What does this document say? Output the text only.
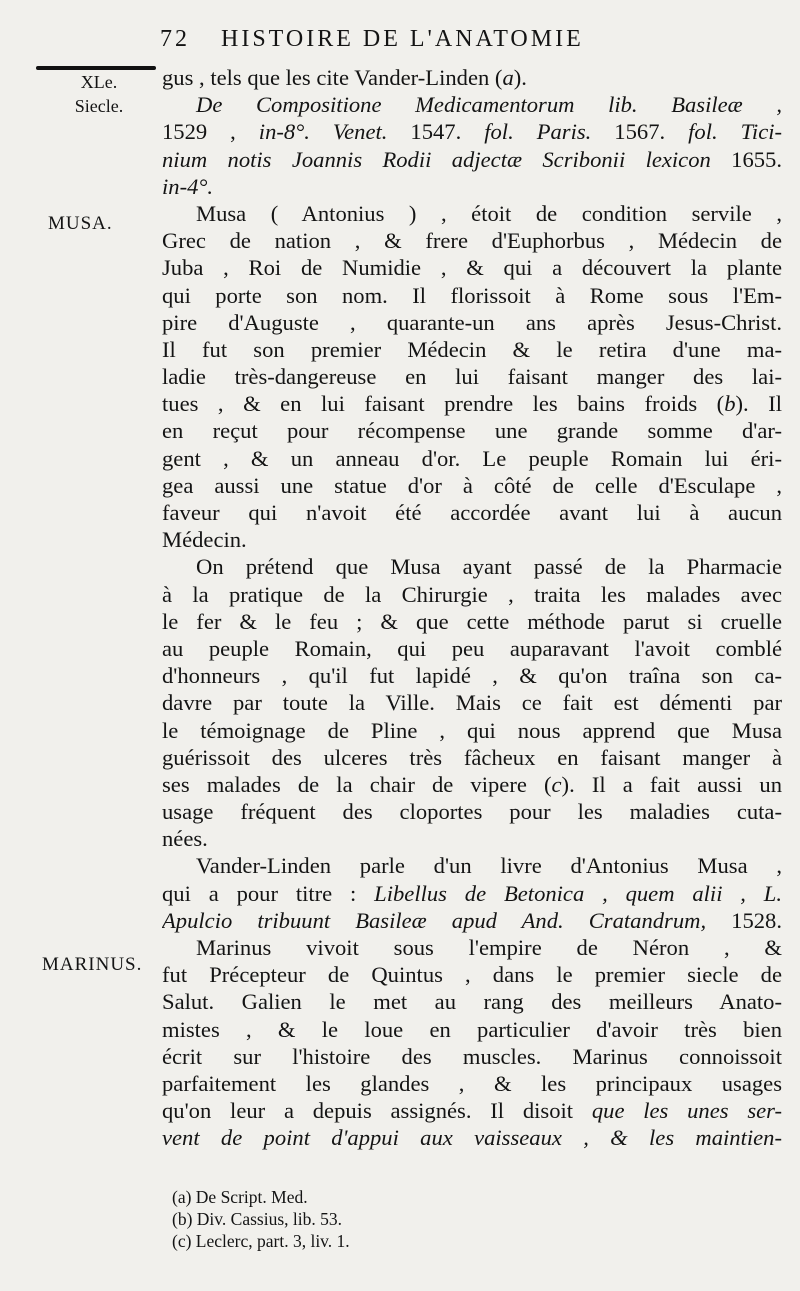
72 HISTOIRE DE L'ANATOMIE
XLe.
Siecle.
MUSA.
MARINUS.
gus , tels que les cite Vander-Linden (a).
De Compositione Medicamentorum lib. Basileæ ,
1529 , in-8°. Venet. 1547. fol. Paris. 1567. fol. Tici-
nium notis Joannis Rodii adjectæ Scribonii lexicon 1655.
in-4°.
Musa ( Antonius ) , étoit de condition servile ,
Grec de nation , & frere d'Euphorbus , Médecin de
Juba , Roi de Numidie , & qui a découvert la plante
qui porte son nom. Il florissoit à Rome sous l'Em-
pire d'Auguste , quarante-un ans après Jesus-Christ.
Il fut son premier Médecin & le retira d'une ma-
ladie très-dangereuse en lui faisant manger des lai-
tues , & en lui faisant prendre les bains froids (b). Il
en reçut pour récompense une grande somme d'ar-
gent , & un anneau d'or. Le peuple Romain lui éri-
gea aussi une statue d'or à côté de celle d'Esculape ,
faveur qui n'avoit été accordée avant lui à aucun
Médecin.
On prétend que Musa ayant passé de la Pharmacie
à la pratique de la Chirurgie , traita les malades avec
le fer & le feu ; & que cette méthode parut si cruelle
au peuple Romain, qui peu auparavant l'avoit comblé
d'honneurs , qu'il fut lapidé , & qu'on traîna son ca-
davre par toute la Ville. Mais ce fait est démenti par
le témoignage de Pline , qui nous apprend que Musa
guérissoit des ulceres très fâcheux en faisant manger à
ses malades de la chair de vipere (c). Il a fait aussi un
usage fréquent des cloportes pour les maladies cuta-
nées.
Vander-Linden parle d'un livre d'Antonius Musa ,
qui a pour titre : Libellus de Betonica , quem alii , L.
Apulcio tribuunt Basileæ apud And. Cratandrum, 1528.
Marinus vivoit sous l'empire de Néron , &
fut Précepteur de Quintus , dans le premier siecle de
Salut. Galien le met au rang des meilleurs Anato-
mistes , & le loue en particulier d'avoir très bien
écrit sur l'histoire des muscles. Marinus connoissoit
parfaitement les glandes , & les principaux usages
qu'on leur a depuis assignés. Il disoit que les unes ser-
vent de point d'appui aux vaisseaux , & les maintien-
(a) De Script. Med.
(b) Div. Cassius, lib. 53.
(c) Leclerc, part. 3, liv. 1.
